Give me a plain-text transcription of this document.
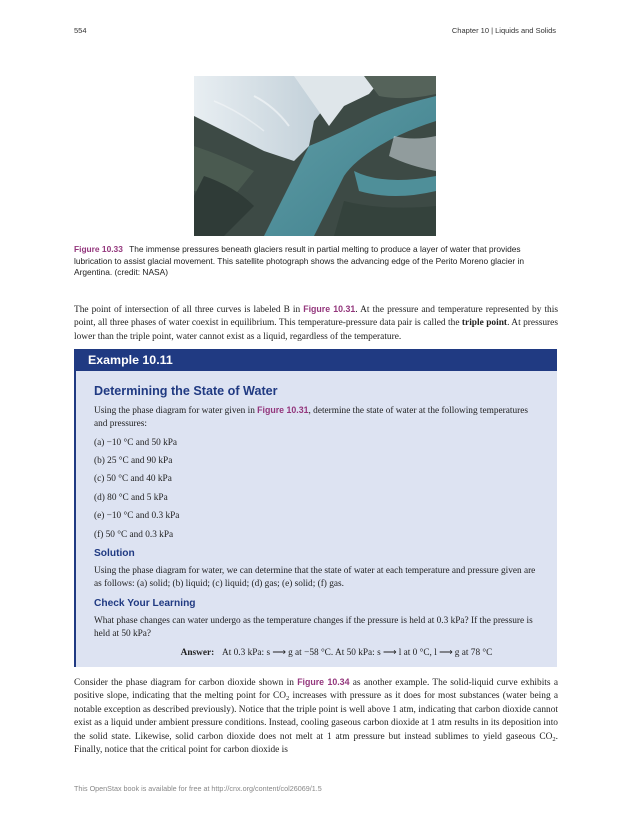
554	Chapter 10 | Liquids and Solids
Figure 10.33 The immense pressures beneath glaciers result in partial melting to produce a layer of water that provides lubrication to assist glacial movement. This satellite photograph shows the advancing edge of the Perito Moreno glacier in Argentina. (credit: NASA)
The point of intersection of all three curves is labeled B in Figure 10.31. At the pressure and temperature represented by this point, all three phases of water coexist in equilibrium. This temperature-pressure data pair is called the triple point. At pressures lower than the triple point, water cannot exist as a liquid, regardless of the temperature.
Example 10.11
Determining the State of Water
Using the phase diagram for water given in Figure 10.31, determine the state of water at the following temperatures and pressures:
(a) −10 °C and 50 kPa
(b) 25 °C and 90 kPa
(c) 50 °C and 40 kPa
(d) 80 °C and 5 kPa
(e) −10 °C and 0.3 kPa
(f) 50 °C and 0.3 kPa
Solution
Using the phase diagram for water, we can determine that the state of water at each temperature and pressure given are as follows: (a) solid; (b) liquid; (c) liquid; (d) gas; (e) solid; (f) gas.
Check Your Learning
What phase changes can water undergo as the temperature changes if the pressure is held at 0.3 kPa? If the pressure is held at 50 kPa?
Answer: At 0.3 kPa: s ⟶ g at −58 °C. At 50 kPa: s ⟶ l at 0 °C, l ⟶ g at 78 °C
Consider the phase diagram for carbon dioxide shown in Figure 10.34 as another example. The solid-liquid curve exhibits a positive slope, indicating that the melting point for $CO_2$ increases with pressure as it does for most substances (water being a notable exception as described previously). Notice that the triple point is well above 1 atm, indicating that carbon dioxide cannot exist as a liquid under ambient pressure conditions. Instead, cooling gaseous carbon dioxide at 1 atm results in its deposition into the solid state. Likewise, solid carbon dioxide does not melt at 1 atm pressure but instead sublimes to yield gaseous $CO_2$. Finally, notice that the critical point for carbon dioxide is
This OpenStax book is available for free at http://cnx.org/content/col26069/1.5
